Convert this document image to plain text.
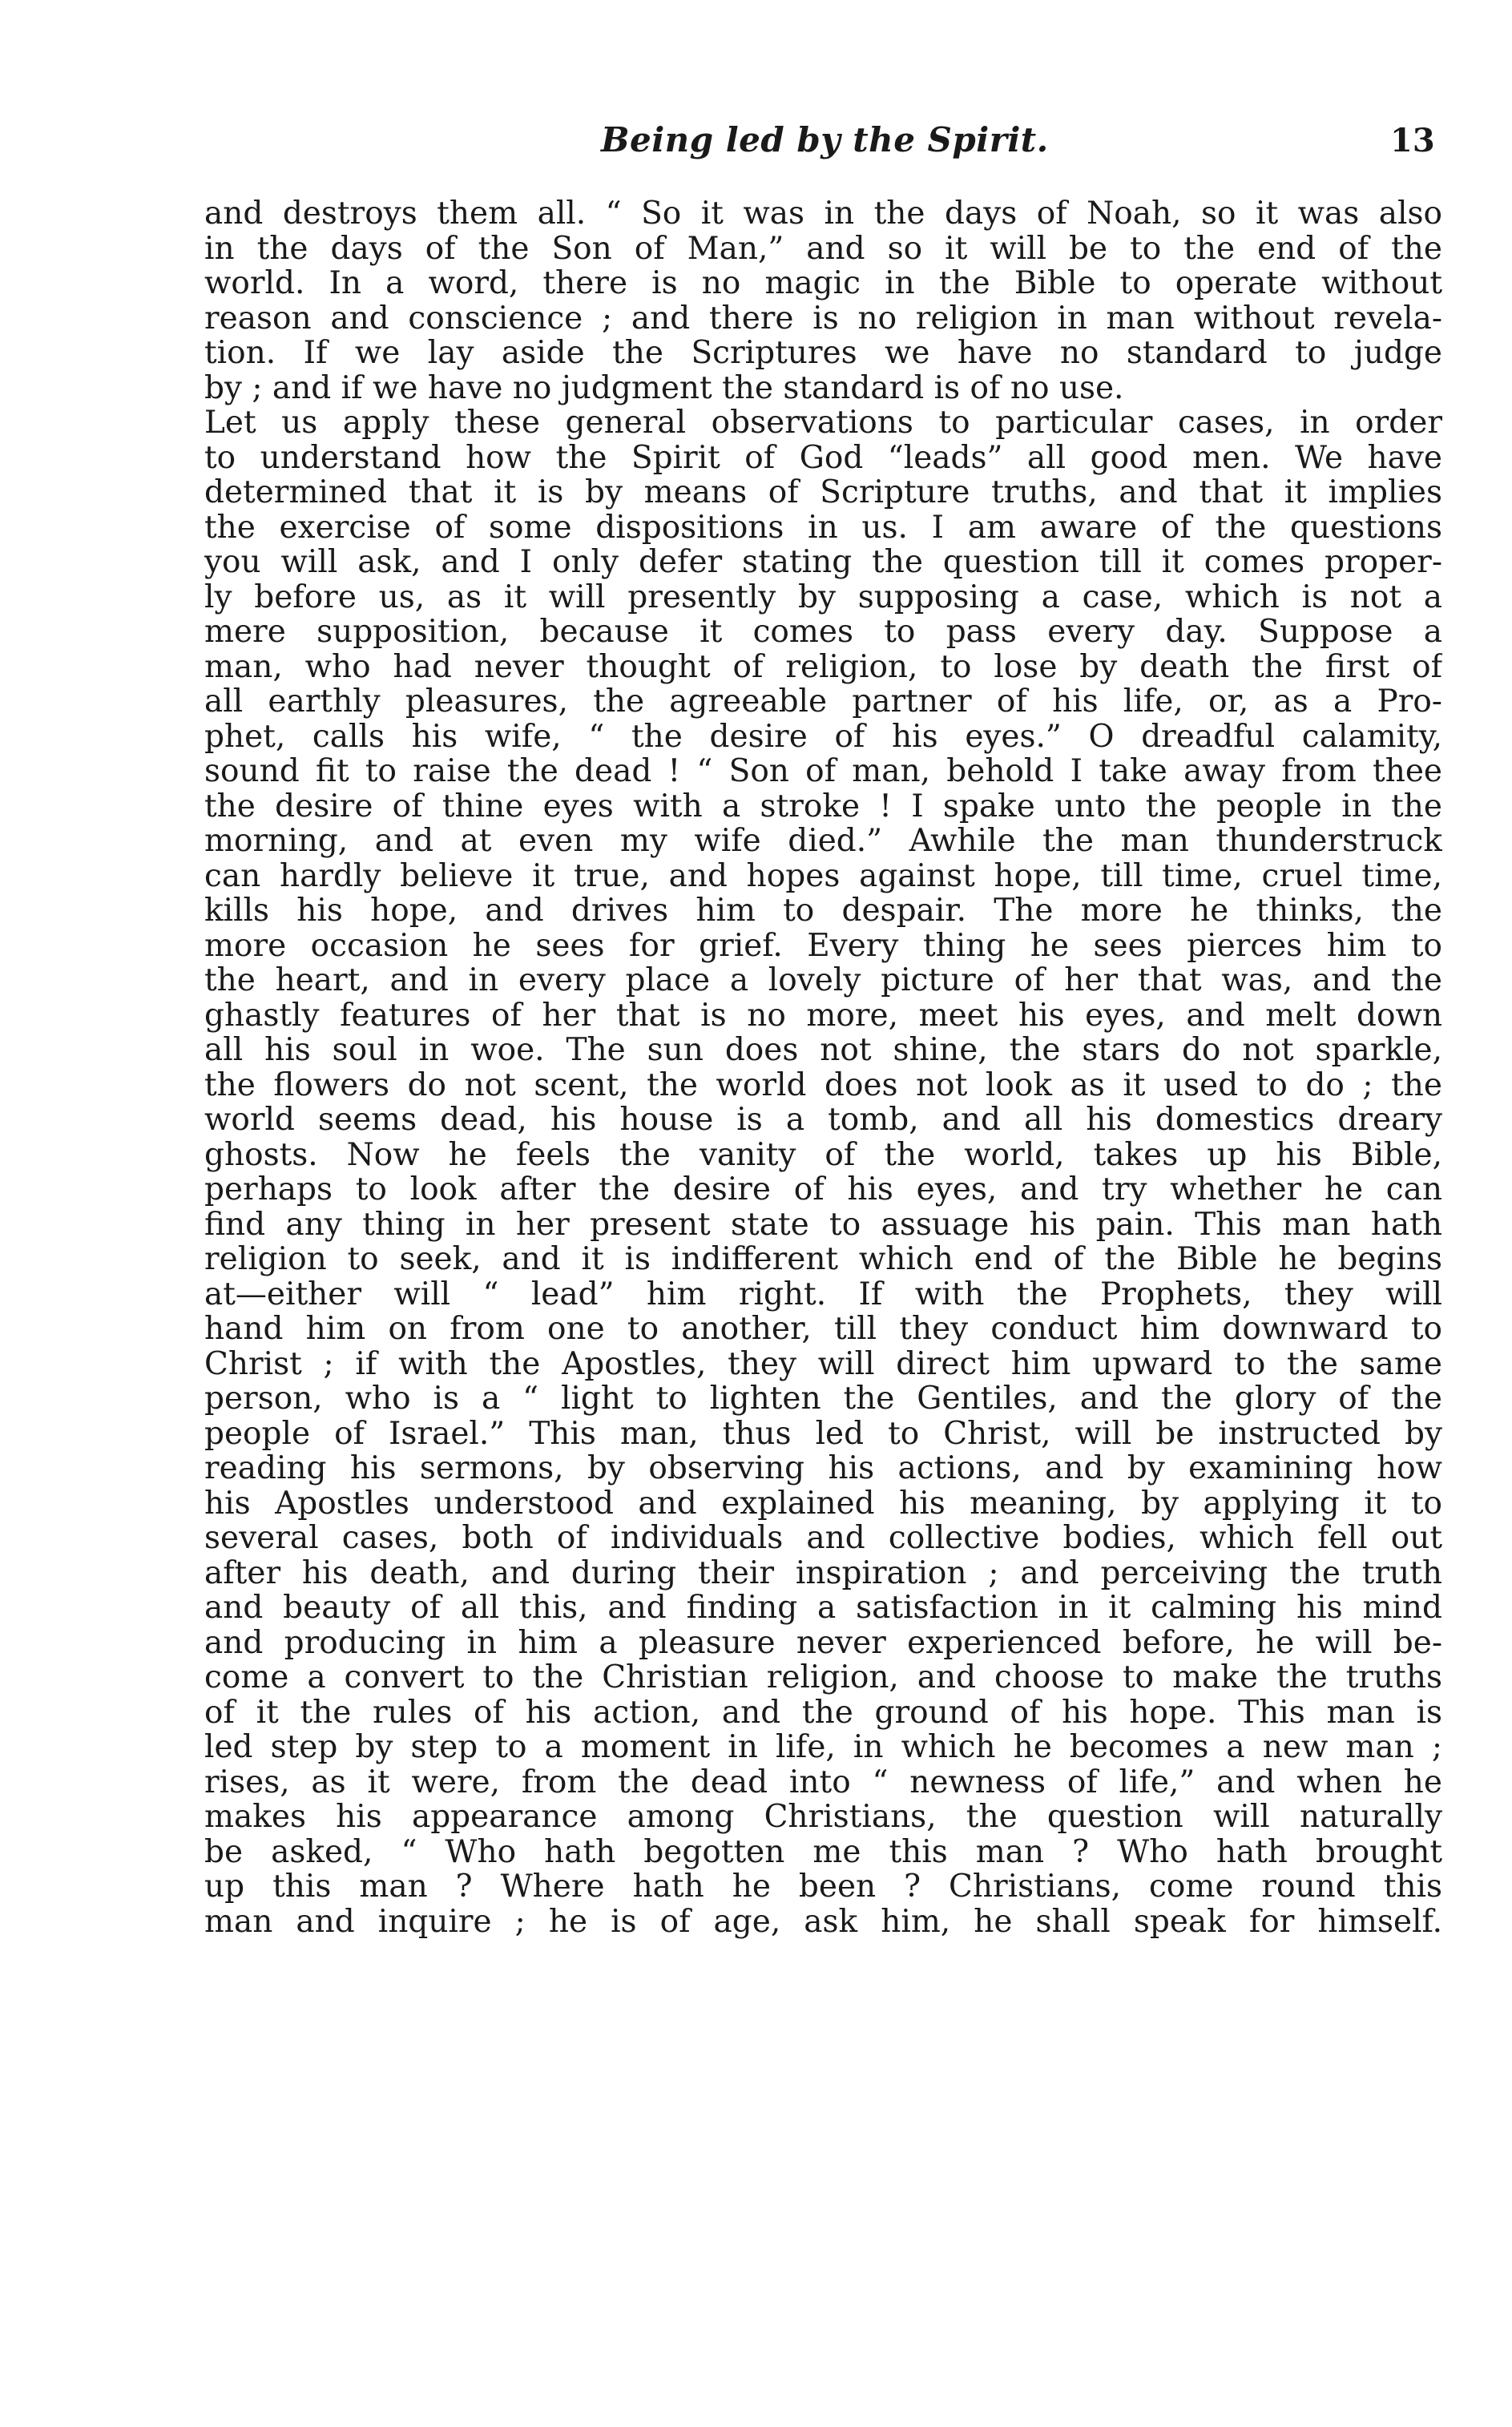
Being led by the Spirit.	13
and destroys them all. “ So it was in the days of Noah, so it was also
in the days of the Son of Man,” and so it will be to the end of the
world. In a word, there is no magic in the Bible to operate without
reason and conscience ; and there is no religion in man without revela-
tion. If we lay aside the Scriptures we have no standard to judge
by ; and if we have no judgment the standard is of no use.
Let us apply these general observations to particular cases, in order
to understand how the Spirit of God “leads” all good men. We have
determined that it is by means of Scripture truths, and that it implies
the exercise of some dispositions in us. I am aware of the questions
you will ask, and I only defer stating the question till it comes proper-
ly before us, as it will presently by supposing a case, which is not a
mere supposition, because it comes to pass every day. Suppose a
man, who had never thought of religion, to lose by death the first of
all earthly pleasures, the agreeable partner of his life, or, as a Pro-
phet, calls his wife, “ the desire of his eyes.” O dreadful calamity,
sound fit to raise the dead ! “ Son of man, behold I take away from thee
the desire of thine eyes with a stroke ! I spake unto the people in the
morning, and at even my wife died.” Awhile the man thunderstruck
can hardly believe it true, and hopes against hope, till time, cruel time,
kills his hope, and drives him to despair. The more he thinks, the
more occasion he sees for grief. Every thing he sees pierces him to
the heart, and in every place a lovely picture of her that was, and the
ghastly features of her that is no more, meet his eyes, and melt down
all his soul in woe. The sun does not shine, the stars do not sparkle,
the flowers do not scent, the world does not look as it used to do ; the
world seems dead, his house is a tomb, and all his domestics dreary
ghosts. Now he feels the vanity of the world, takes up his Bible,
perhaps to look after the desire of his eyes, and try whether he can
find any thing in her present state to assuage his pain. This man hath
religion to seek, and it is indifferent which end of the Bible he begins
at—either will “ lead” him right. If with the Prophets, they will
hand him on from one to another, till they conduct him downward to
Christ ; if with the Apostles, they will direct him upward to the same
person, who is a “ light to lighten the Gentiles, and the glory of the
people of Israel.” This man, thus led to Christ, will be instructed by
reading his sermons, by observing his actions, and by examining how
his Apostles understood and explained his meaning, by applying it to
several cases, both of individuals and collective bodies, which fell out
after his death, and during their inspiration ; and perceiving the truth
and beauty of all this, and finding a satisfaction in it calming his mind
and producing in him a pleasure never experienced before, he will be-
come a convert to the Christian religion, and choose to make the truths
of it the rules of his action, and the ground of his hope. This man is
led step by step to a moment in life, in which he becomes a new man ;
rises, as it were, from the dead into “ newness of life,” and when he
makes his appearance among Christians, the question will naturally
be asked, “ Who hath begotten me this man ? Who hath brought
up this man ? Where hath he been ? Christians, come round this
man and inquire ; he is of age, ask him, he shall speak for himself.
